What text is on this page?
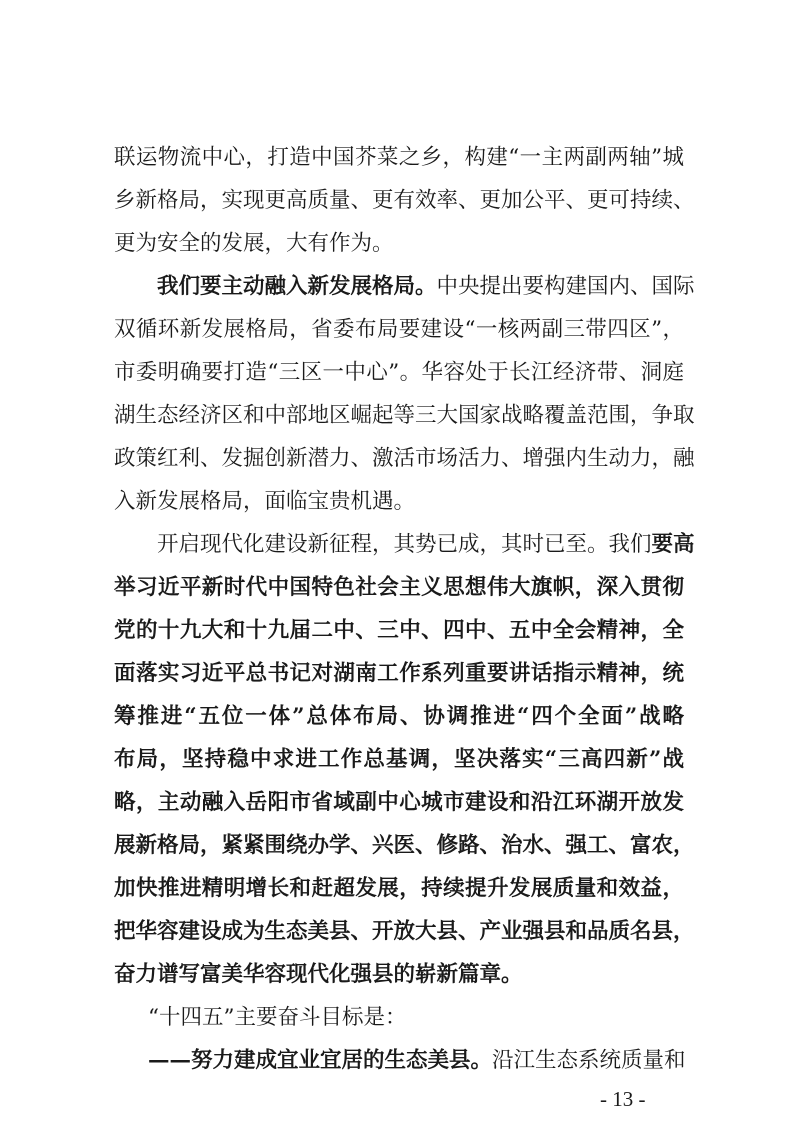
联运物流中心，打造中国芥菜之乡，构建“一主两副两轴”城
乡新格局，实现更高质量、更有效率、更加公平、更可持续、
更为安全的发展，大有作为。
我们要主动融入新发展格局。中央提出要构建国内、国际
双循环新发展格局，省委布局要建设“一核两副三带四区”，
市委明确要打造“三区一中心”。华容处于长江经济带、洞庭
湖生态经济区和中部地区崛起等三大国家战略覆盖范围，争取
政策红利、发掘创新潜力、激活市场活力、增强内生动力，融
入新发展格局，面临宝贵机遇。
开启现代化建设新征程，其势已成，其时已至。我们要高
举习近平新时代中国特色社会主义思想伟大旗帜，深入贯彻
党的十九大和十九届二中、三中、四中、五中全会精神，全
面落实习近平总书记对湖南工作系列重要讲话指示精神，统
筹推进“五位一体”总体布局、协调推进“四个全面”战略
布局，坚持稳中求进工作总基调，坚决落实“三高四新”战
略，主动融入岳阳市省域副中心城市建设和沿江环湖开放发
展新格局，紧紧围绕办学、兴医、修路、治水、强工、富农，
加快推进精明增长和赶超发展，持续提升发展质量和效益，
把华容建设成为生态美县、开放大县、产业强县和品质名县，
奋力谱写富美华容现代化强县的崭新篇章。
“十四五”主要奋斗目标是：
——努力建成宜业宜居的生态美县。沿江生态系统质量和
- 13 -
